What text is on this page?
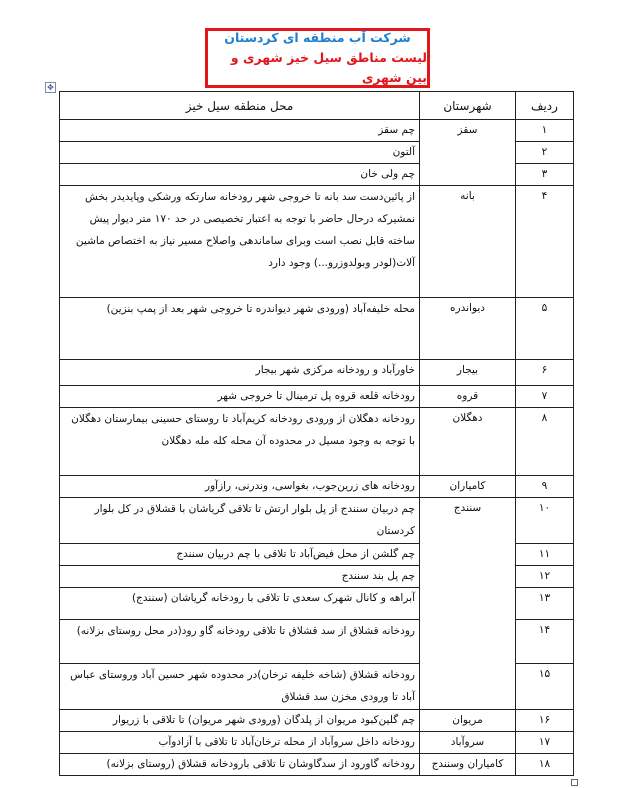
شرکت آب منطقه ای کردستان
لیست مناطق سیل خیز شهری و بین شهری
✥
ردیف	شهرستان	محل منطقه سیل خیز
۱	سقز	چم سقز
۲		آلتون
۳		چم ولی خان
۴	بانه	از پائین‌دست سد بانه تا خروجی شهر رودخانه سارتکه ورشکی وپایدیدر بخش نمشیرکه درحال حاضر با توجه به اعتبار تخصیصی در حد ۱۷۰ متر دیوار پیش ساخته قابل نصب است وبرای ساماندهی واصلاح مسیر نیاز به اختصاص ماشین آلات(لودر وبولدوزرو...) وجود دارد
۵	دیواندره	محله خلیفه‌آباد (ورودی شهر دیواندره تا خروجی شهر بعد از پمپ بنزین)
۶	بیجار	خاورآباد و رودخانه مرکزی شهر بیجار
۷	قروه	رودخانه قلعه قروه پل ترمینال تا خروجی شهر
۸	دهگلان	رودخانه دهگلان از ورودی رودخانه کریم‌آباد تا روستای حسینی بیمارستان دهگلان با توجه به وجود مسیل در محدوده آن محله کله مله دهگلان
۹	کامیاران	رودخانه های زرین‌جوب، بغواسی، وندرنی، رازآور
۱۰	سنندج	چم دربیان سنندج از پل بلوار ارتش تا تلاقی گریاشان با قشلاق در کل بلوار کردستان
۱۱		چم گلشن از محل فیض‌آباد تا تلاقی با چم دربیان سنندج
۱۲		چم پل بند سنندج
۱۳		آبراهه و کانال شهرک سعدی تا تلاقی با رودخانه گریاشان (سنندج)
۱۴		رودخانه قشلاق از سد قشلاق تا تلاقی رودخانه گاو رود(در محل روستای بزلانه)
۱۵		رودخانه قشلاق (شاخه خلیفه ترخان)در محدوده شهر حسین آباد وروستای عباس آباد تا ورودی مخزن سد قشلاق
۱۶	مریوان	چم گلین‌کبود مریوان از پلدگان (ورودی شهر مریوان) تا تلاقی با زریوار
۱۷	سروآباد	رودخانه داخل سروآباد از محله ترخان‌آباد تا تلاقی با آزادوآب
۱۸	کامیاران وسنندج	رودخانه گاورود از سدگاوشان تا تلاقی بارودخانه قشلاق (روستای بزلانه)
